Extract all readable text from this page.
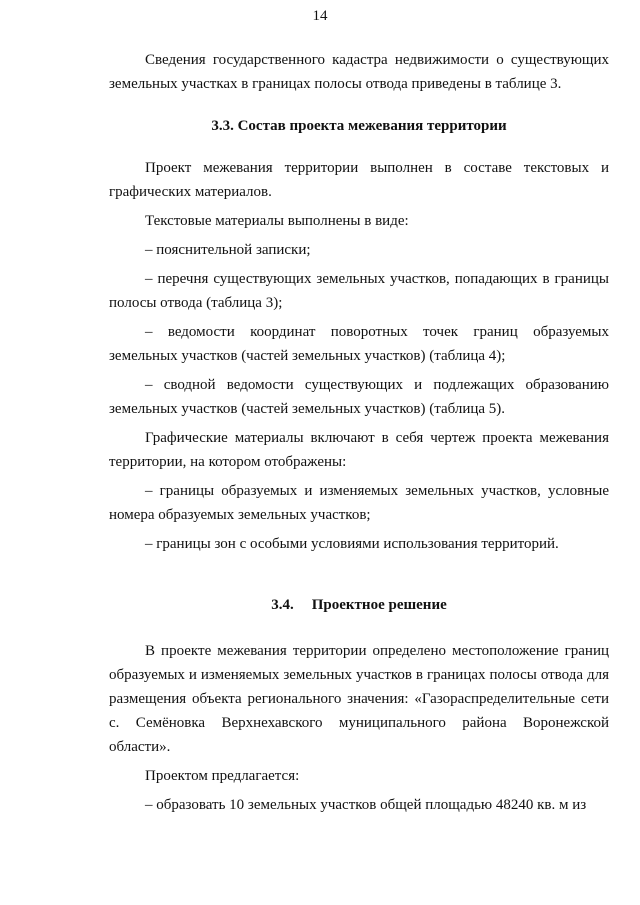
14

Сведения государственного кадастра недвижимости о существующих земельных участках в границах полосы отвода приведены в таблице 3.

3.3. Состав проекта межевания территории

Проект межевания территории выполнен в составе текстовых и графических материалов.

Текстовые материалы выполнены в виде:

– пояснительной записки;

– перечня существующих земельных участков, попадающих в границы полосы отвода (таблица 3);

– ведомости координат поворотных точек границ образуемых земельных участков (частей земельных участков) (таблица 4);

– сводной ведомости существующих и подлежащих образованию земельных участков (частей земельных участков) (таблица 5).

Графические материалы включают в себя чертеж проекта межевания территории, на котором отображены:

– границы образуемых и изменяемых земельных участков, условные номера образуемых земельных участков;

– границы зон с особыми условиями использования территорий.

3.4. Проектное решение

В проекте межевания территории определено местоположение границ образуемых и изменяемых земельных участков в границах полосы отвода для размещения объекта регионального значения: «Газораспределительные сети с. Семёновка Верхнехавского муниципального района Воронежской области».

Проектом предлагается:

– образовать 10 земельных участков общей площадью 48240 кв. м из
